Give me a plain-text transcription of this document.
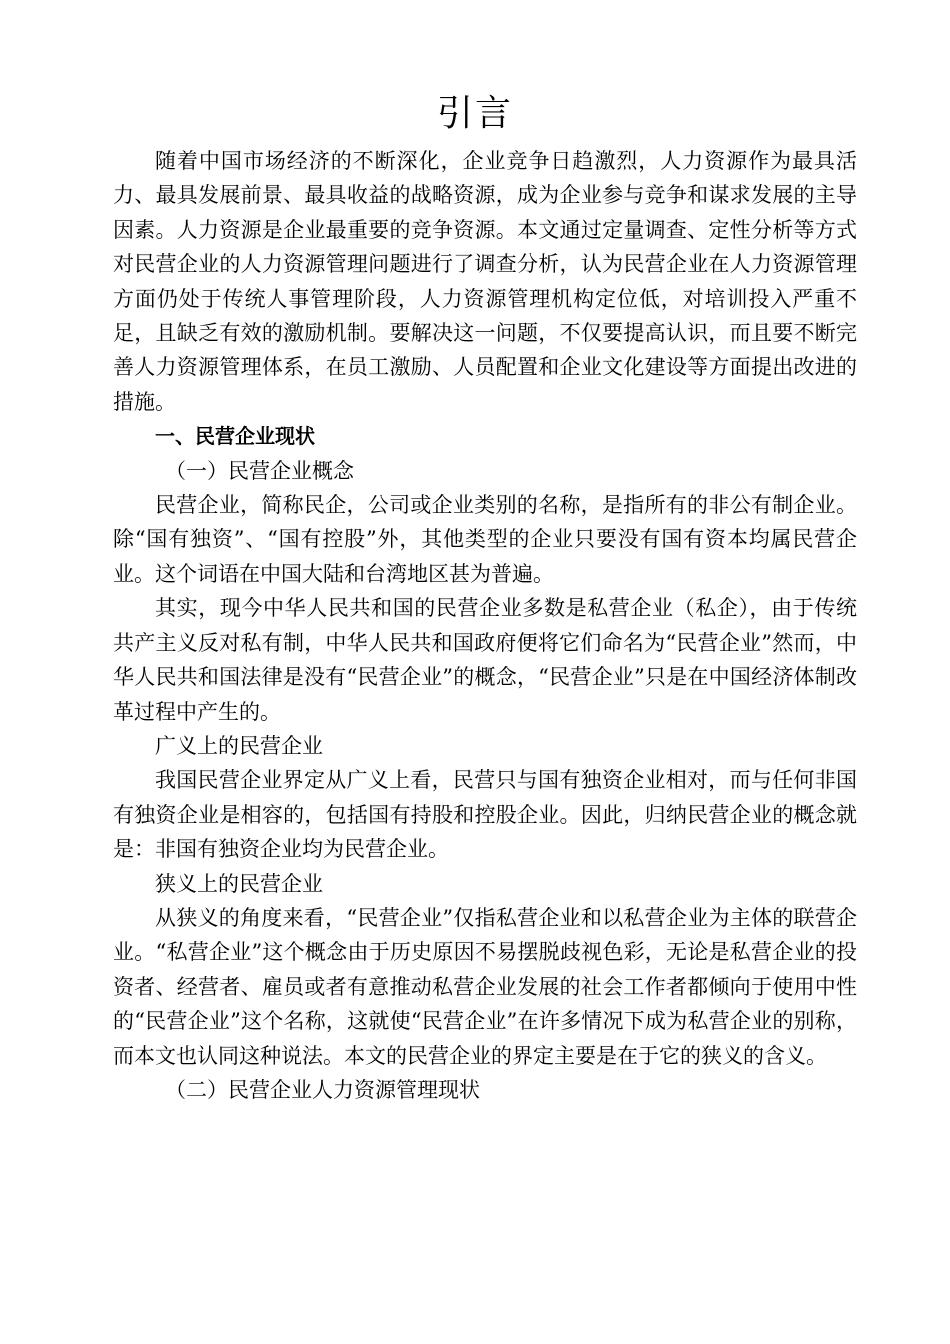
引言

随着中国市场经济的不断深化，企业竞争日趋激烈，人力资源作为最具活力、最具发展前景、最具收益的战略资源，成为企业参与竞争和谋求发展的主导因素。人力资源是企业最重要的竞争资源。本文通过定量调查、定性分析等方式对民营企业的人力资源管理问题进行了调查分析，认为民营企业在人力资源管理方面仍处于传统人事管理阶段，人力资源管理机构定位低，对培训投入严重不足，且缺乏有效的激励机制。要解决这一问题，不仅要提高认识，而且要不断完善人力资源管理体系，在员工激励、人员配置和企业文化建设等方面提出改进的措施。

一、民营企业现状

（一）民营企业概念

民营企业，简称民企，公司或企业类别的名称，是指所有的非公有制企业。除“国有独资”、“国有控股”外，其他类型的企业只要没有国有资本均属民营企业。这个词语在中国大陆和台湾地区甚为普遍。

其实，现今中华人民共和国的民营企业多数是私营企业（私企），由于传统共产主义反对私有制，中华人民共和国政府便将它们命名为“民营企业”然而，中华人民共和国法律是没有“民营企业”的概念，“民营企业”只是在中国经济体制改革过程中产生的。

广义上的民营企业

我国民营企业界定从广义上看，民营只与国有独资企业相对，而与任何非国有独资企业是相容的，包括国有持股和控股企业。因此，归纳民营企业的概念就是：非国有独资企业均为民营企业。

狭义上的民营企业

从狭义的角度来看，“民营企业”仅指私营企业和以私营企业为主体的联营企业。“私营企业”这个概念由于历史原因不易摆脱歧视色彩，无论是私营企业的投资者、经营者、雇员或者有意推动私营企业发展的社会工作者都倾向于使用中性的“民营企业”这个名称，这就使“民营企业”在许多情况下成为私营企业的别称，而本文也认同这种说法。本文的民营企业的界定主要是在于它的狭义的含义。

（二）民营企业人力资源管理现状
